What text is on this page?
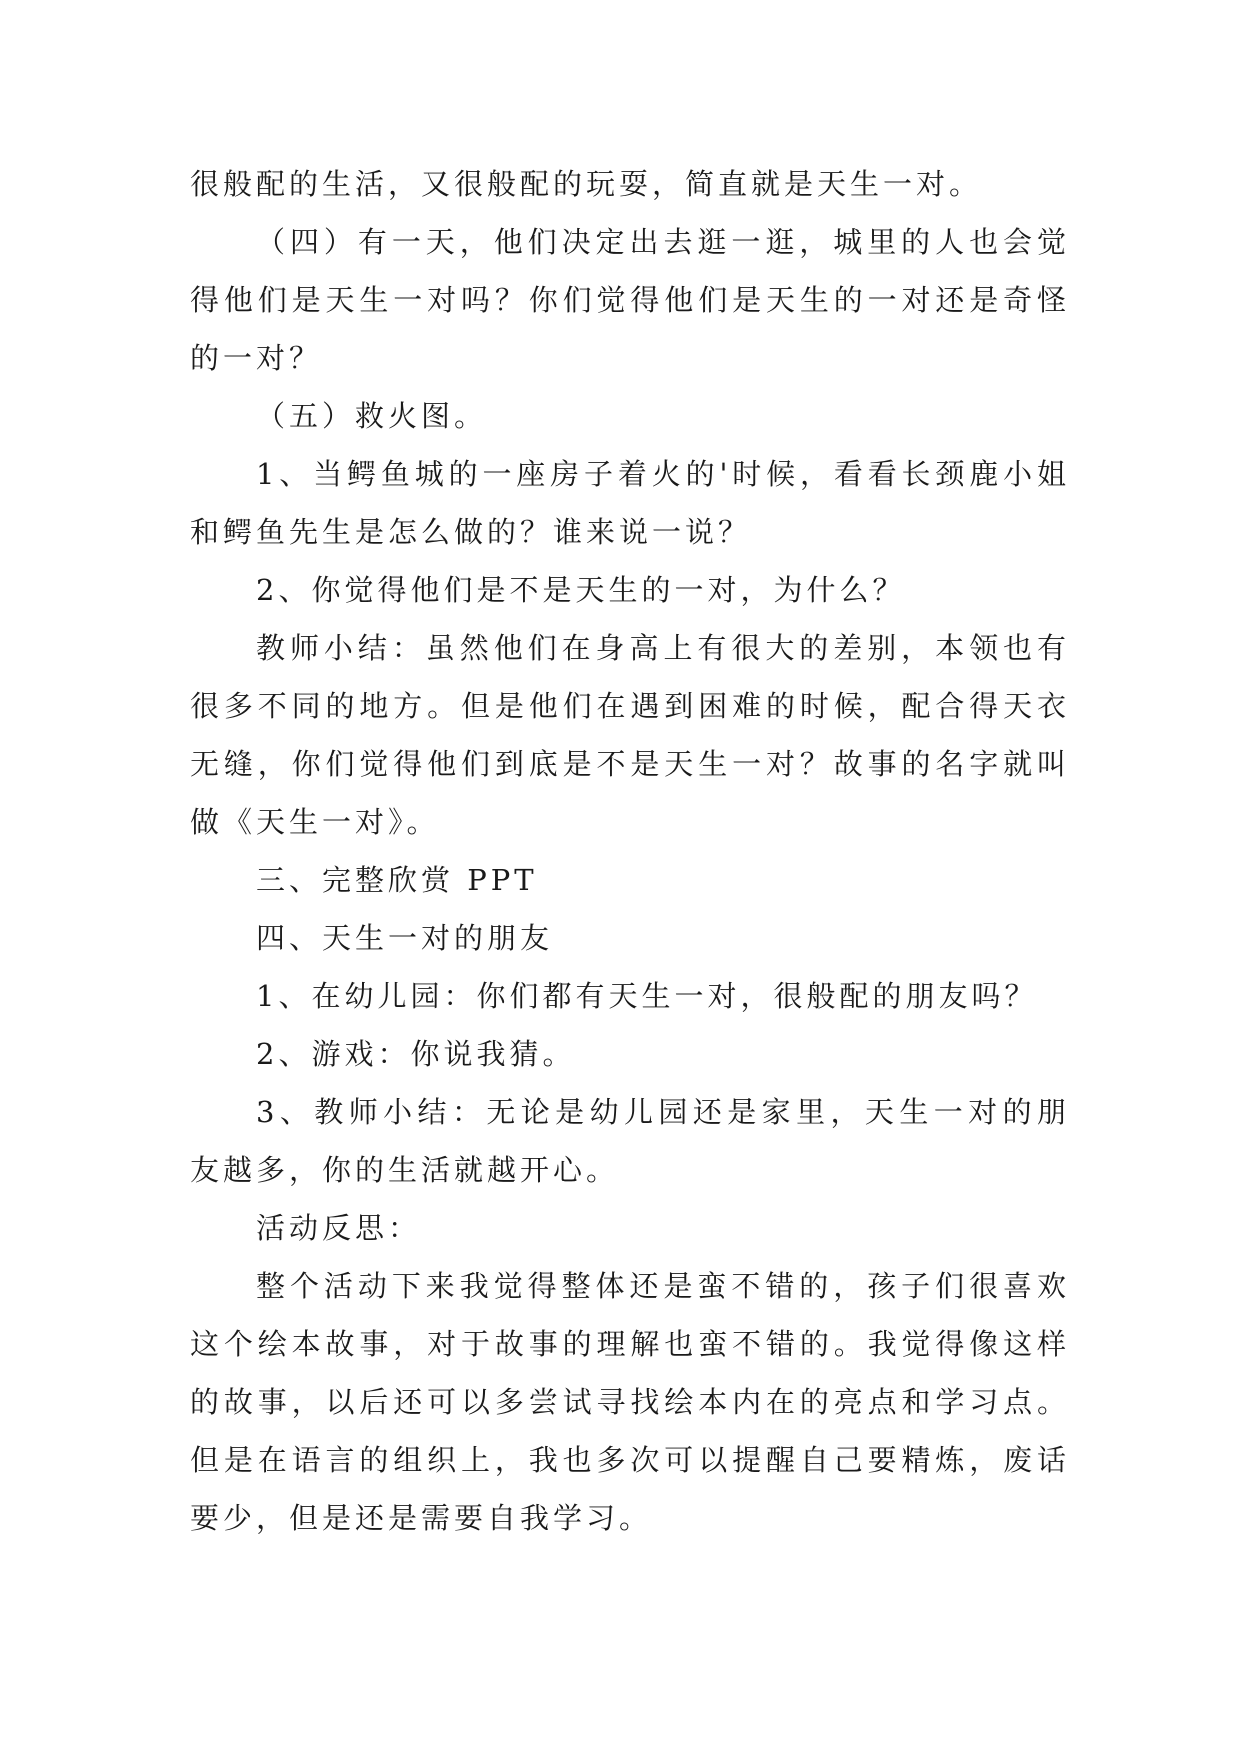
很般配的生活，又很般配的玩耍，简直就是天生一对。

（四）有一天，他们决定出去逛一逛，城里的人也会觉得他们是天生一对吗？你们觉得他们是天生的一对还是奇怪的一对？

（五）救火图。

1、当鳄鱼城的一座房子着火的'时候，看看长颈鹿小姐和鳄鱼先生是怎么做的？谁来说一说？

2、你觉得他们是不是天生的一对，为什么？

教师小结：虽然他们在身高上有很大的差别，本领也有很多不同的地方。但是他们在遇到困难的时候，配合得天衣无缝，你们觉得他们到底是不是天生一对？故事的名字就叫做《天生一对》。

三、完整欣赏 PPT

四、天生一对的朋友

1、在幼儿园：你们都有天生一对，很般配的朋友吗？

2、游戏：你说我猜。

3、教师小结：无论是幼儿园还是家里，天生一对的朋友越多，你的生活就越开心。

活动反思：

整个活动下来我觉得整体还是蛮不错的，孩子们很喜欢这个绘本故事，对于故事的理解也蛮不错的。我觉得像这样的故事，以后还可以多尝试寻找绘本内在的亮点和学习点。但是在语言的组织上，我也多次可以提醒自己要精炼，废话要少，但是还是需要自我学习。
